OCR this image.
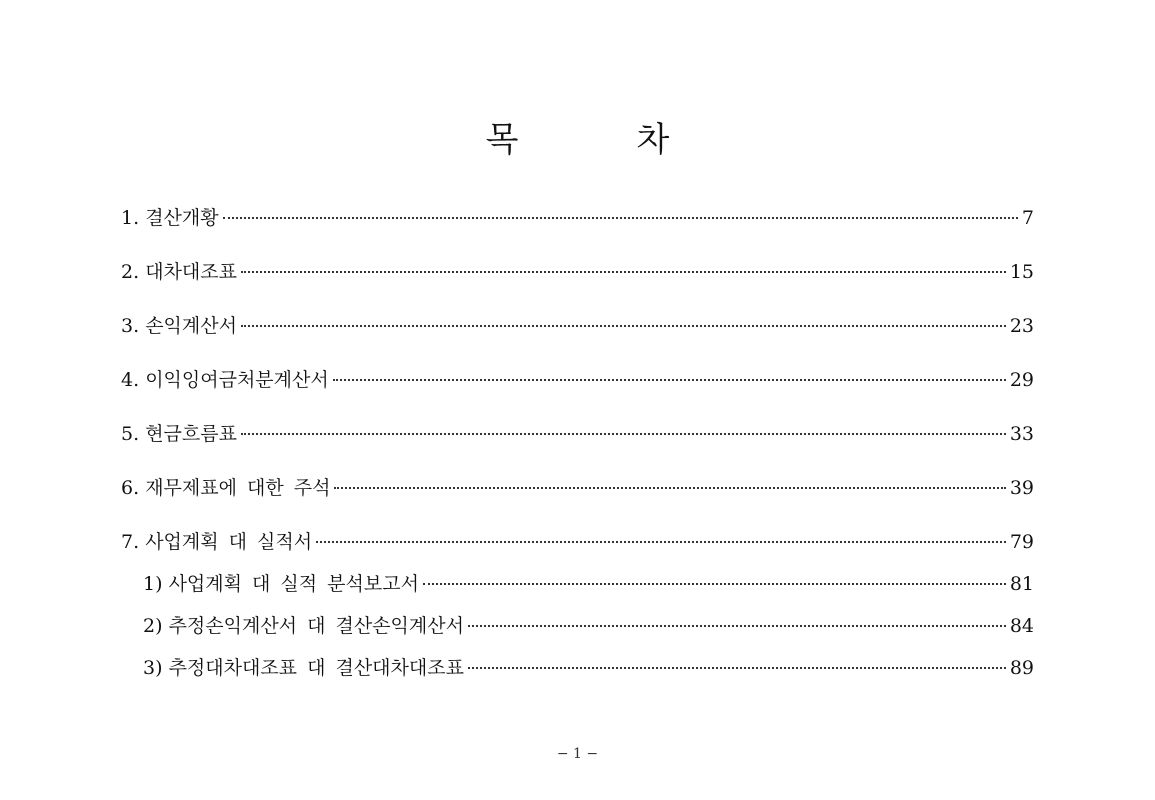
목	차
1.
결산개황	7
2.
대차대조표	15
3.
손익계산서	23
4.
이익잉여금처분계산서	29
5.
현금흐름표	33
6.
재무제표에 대한 주석	39
7.
사업계획 대 실적서	79
1)
사업계획 대 실적 분석보고서	81
2)
추정손익계산서 대 결산손익계산서	84
3)
추정대차대조표 대 결산대차대조표	89
− 1 −
